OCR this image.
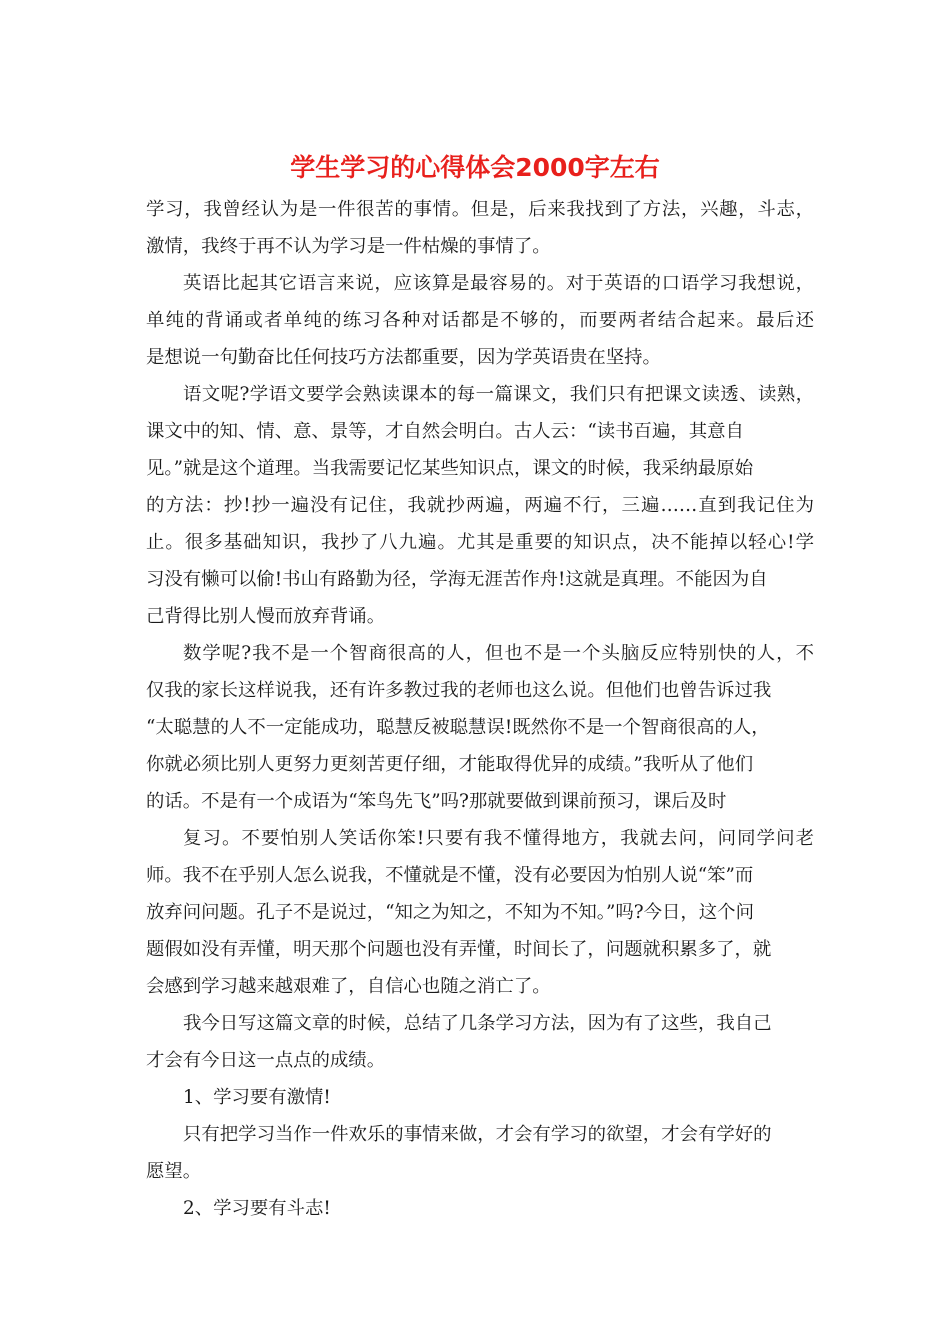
学生学习的心得体会2000字左右
学习，我曾经认为是一件很苦的事情。但是，后来我找到了方法，兴趣，斗志，
激情，我终于再不认为学习是一件枯燥的事情了。
英语比起其它语言来说，应该算是最容易的。对于英语的口语学习我想说，
单纯的背诵或者单纯的练习各种对话都是不够的，而要两者结合起来。最后还
是想说一句勤奋比任何技巧方法都重要，因为学英语贵在坚持。
语文呢?学语文要学会熟读课本的每一篇课文，我们只有把课文读透、读熟，
课文中的知、情、意、景等，才自然会明白。古人云：“读书百遍，其意自
见。”就是这个道理。当我需要记忆某些知识点，课文的时候，我采纳最原始
的方法：抄!抄一遍没有记住，我就抄两遍，两遍不行，三遍……直到我记住为
止。很多基础知识，我抄了八九遍。尤其是重要的知识点，决不能掉以轻心!学
习没有懒可以偷!书山有路勤为径，学海无涯苦作舟!这就是真理。不能因为自
己背得比别人慢而放弃背诵。
数学呢?我不是一个智商很高的人，但也不是一个头脑反应特别快的人，不
仅我的家长这样说我，还有许多教过我的老师也这么说。但他们也曾告诉过我
“太聪慧的人不一定能成功，聪慧反被聪慧误!既然你不是一个智商很高的人，
你就必须比别人更努力更刻苦更仔细，才能取得优异的成绩。”我听从了他们
的话。不是有一个成语为“笨鸟先飞”吗?那就要做到课前预习，课后及时
复习。不要怕别人笑话你笨!只要有我不懂得地方，我就去问，问同学问老
师。我不在乎别人怎么说我，不懂就是不懂，没有必要因为怕别人说“笨”而
放弃问问题。孔子不是说过，“知之为知之，不知为不知。”吗?今日，这个问
题假如没有弄懂，明天那个问题也没有弄懂，时间长了，问题就积累多了，就
会感到学习越来越艰难了，自信心也随之消亡了。
我今日写这篇文章的时候，总结了几条学习方法，因为有了这些，我自己
才会有今日这一点点的成绩。
1、学习要有激情!
只有把学习当作一件欢乐的事情来做，才会有学习的欲望，才会有学好的
愿望。
2、学习要有斗志!
